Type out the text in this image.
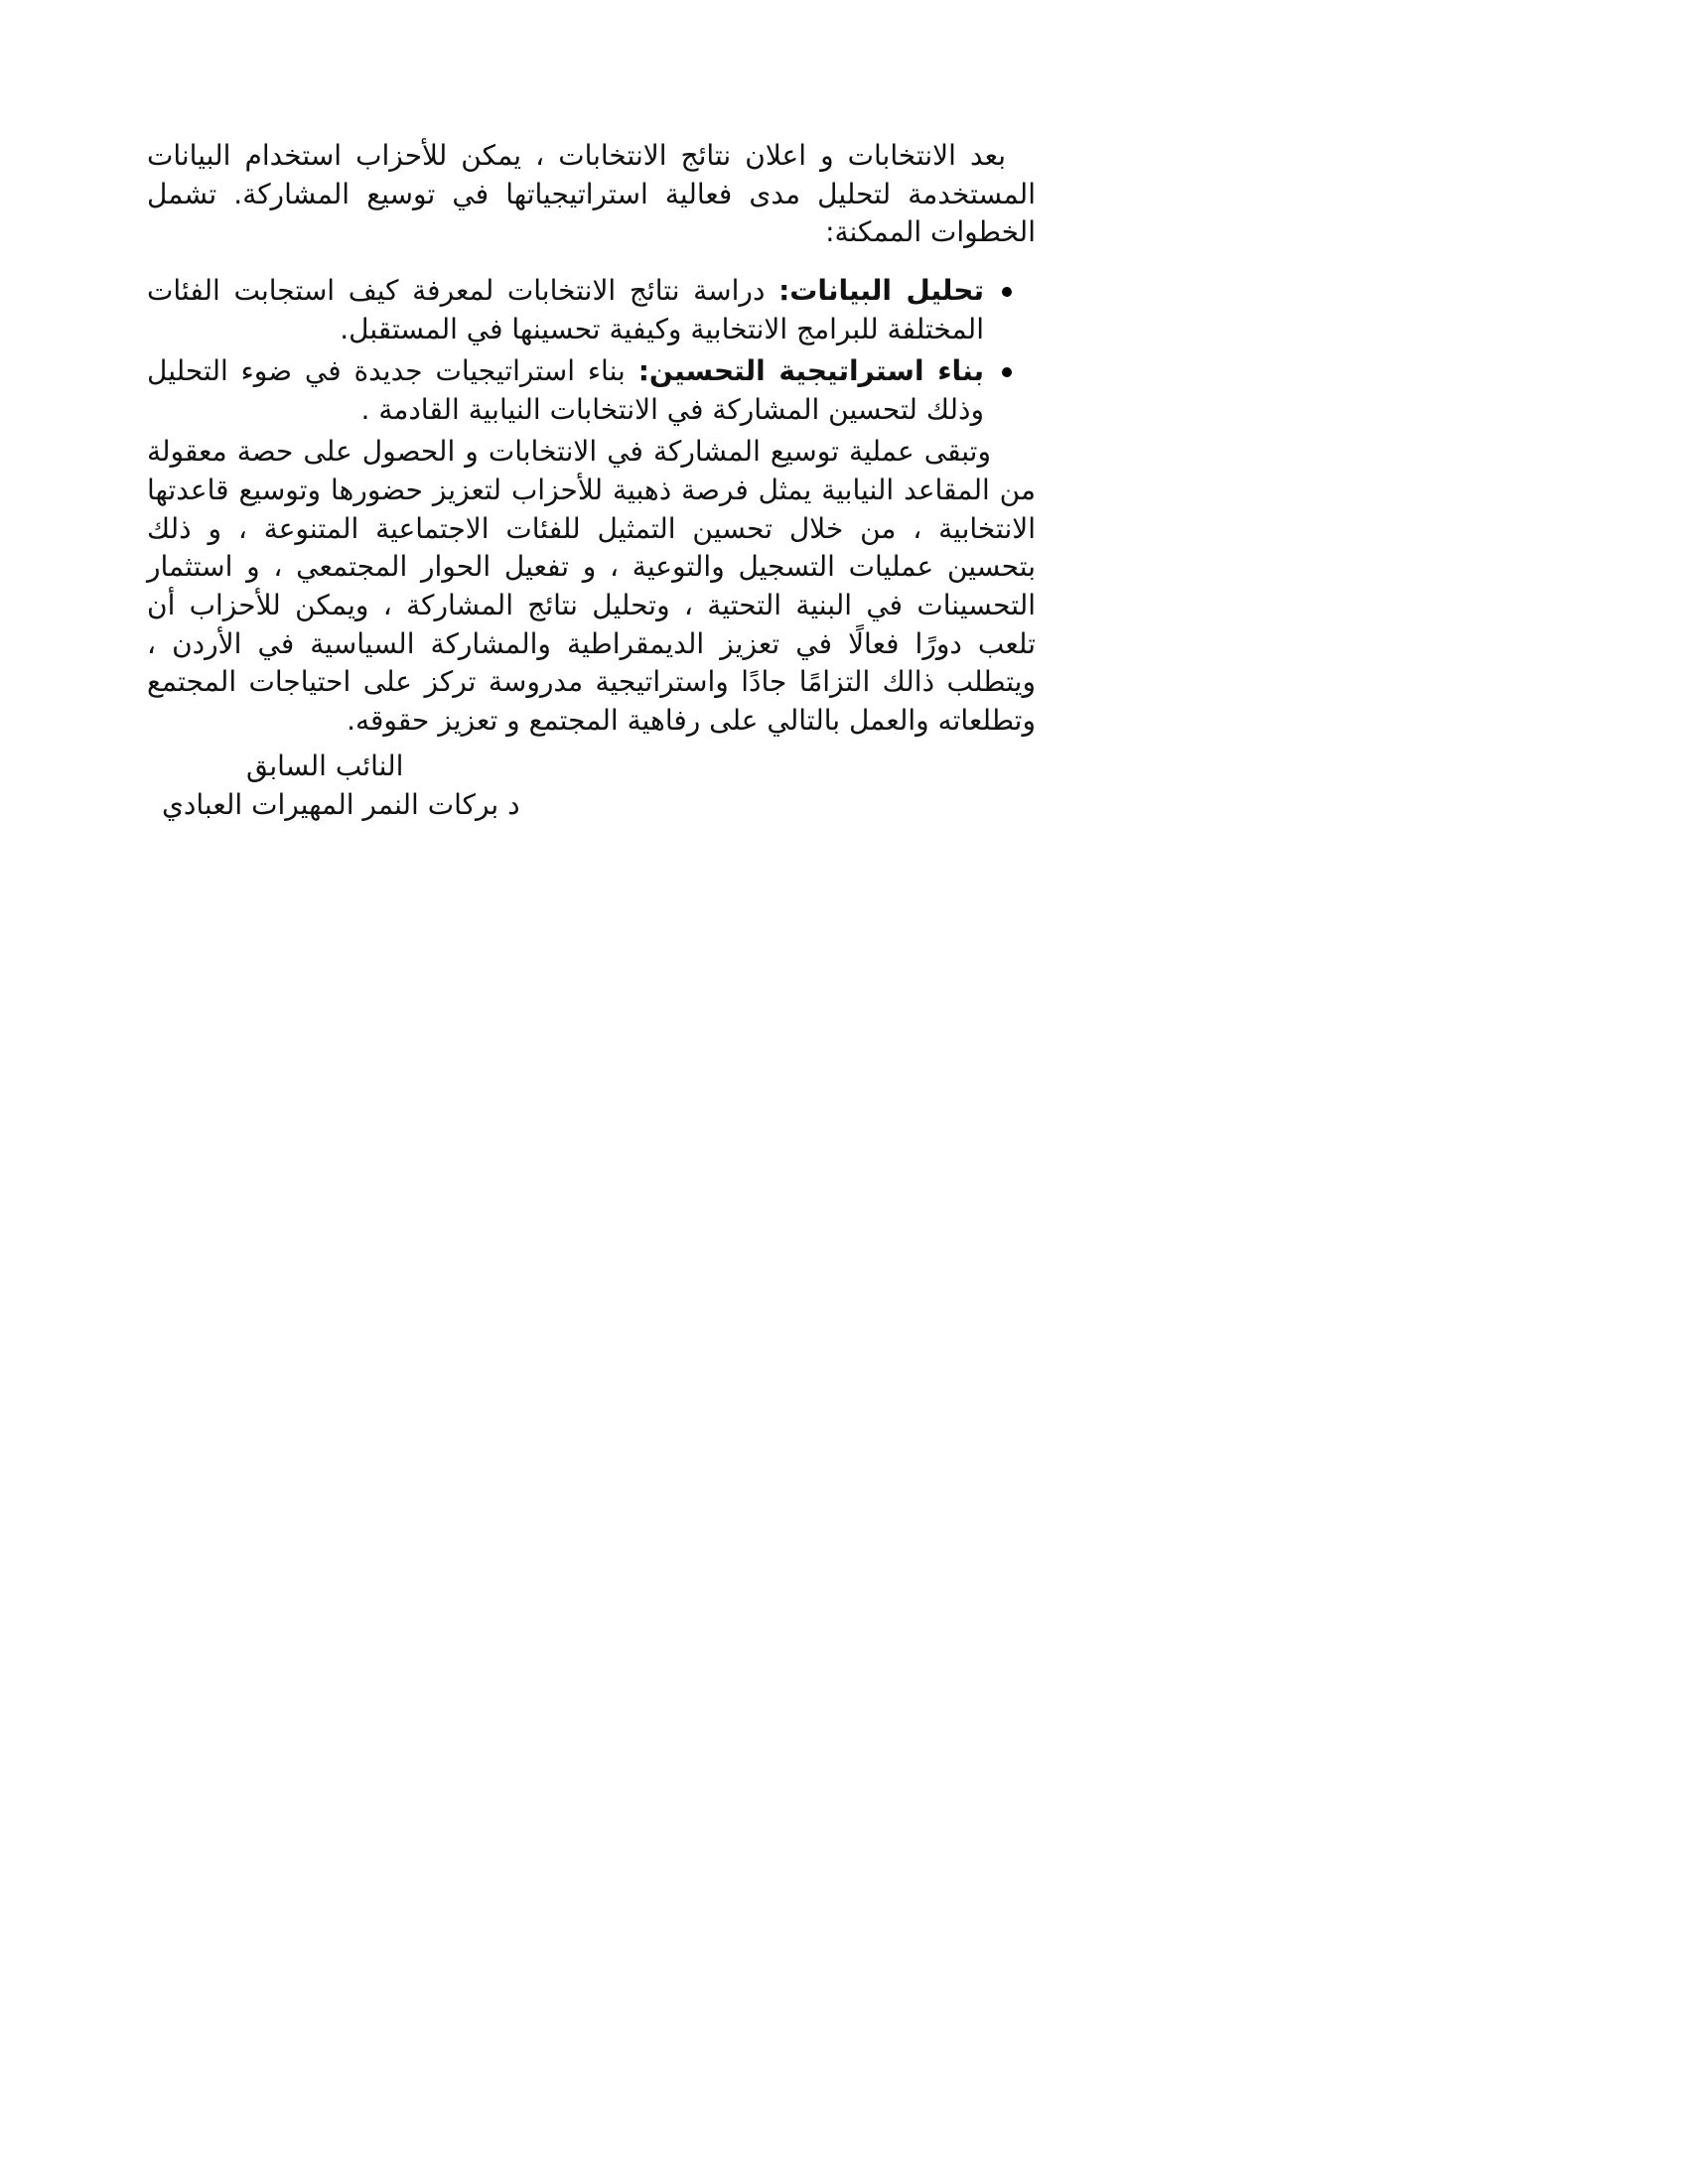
بعد الانتخابات و اعلان نتائج الانتخابات ، يمكن للأحزاب استخدام البيانات المستخدمة لتحليل مدى فعالية استراتيجياتها في توسيع المشاركة. تشمل الخطوات الممكنة:

تحليل البيانات: دراسة نتائج الانتخابات لمعرفة كيف استجابت الفئات المختلفة للبرامج الانتخابية وكيفية تحسينها في المستقبل.
بناء استراتيجية التحسين: بناء استراتيجيات جديدة في ضوء التحليل وذلك لتحسين المشاركة في الانتخابات النيابية القادمة .

وتبقى عملية توسيع المشاركة في الانتخابات و الحصول على حصة معقولة من المقاعد النيابية يمثل فرصة ذهبية للأحزاب لتعزيز حضورها وتوسيع قاعدتها الانتخابية ، من خلال تحسين التمثيل للفئات الاجتماعية المتنوعة ، و ذلك بتحسين عمليات التسجيل والتوعية ، و تفعيل الحوار المجتمعي ، و استثمار التحسينات في البنية التحتية ، وتحليل نتائج المشاركة ، ويمكن للأحزاب أن تلعب دورًا فعالًا في تعزيز الديمقراطية والمشاركة السياسية في الأردن ، ويتطلب ذالك التزامًا جادًا واستراتيجية مدروسة تركز على احتياجات المجتمع وتطلعاته والعمل بالتالي على رفاهية المجتمع و تعزيز حقوقه.

النائب السابق
د بركات النمر المهيرات العبادي
